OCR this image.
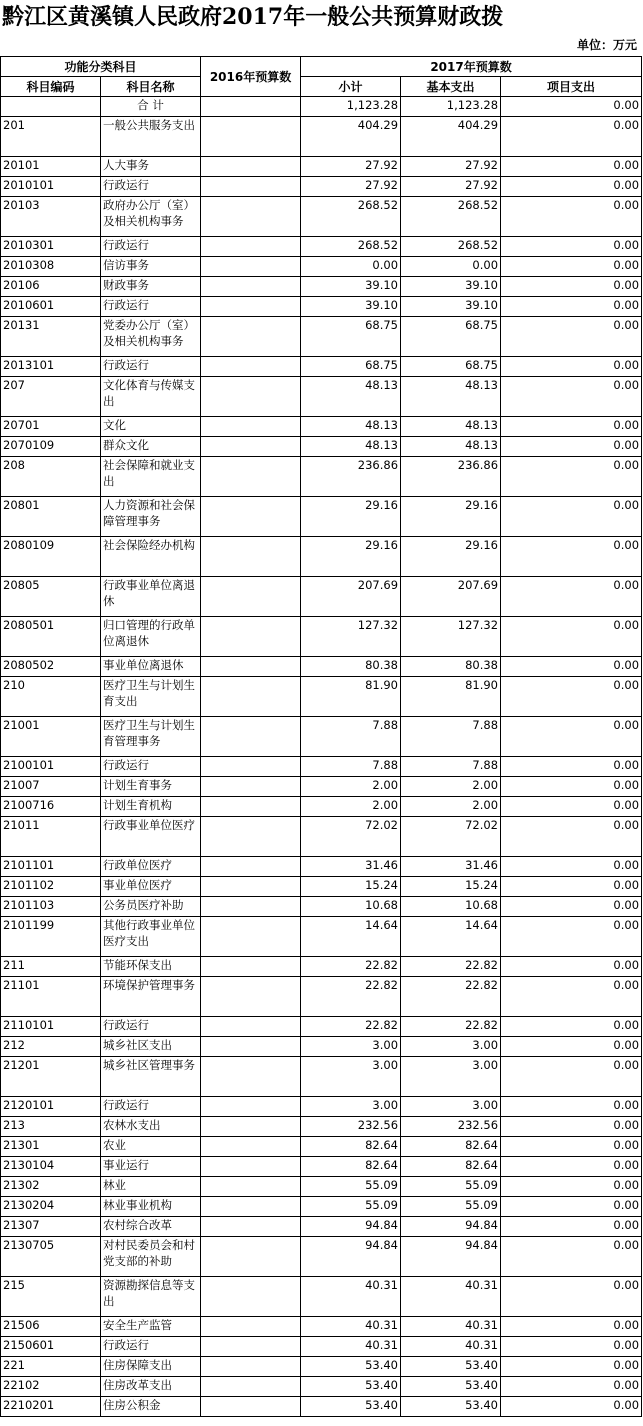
黔江区黄溪镇人民政府2017年一般公共预算财政拨
单位：万元
功能分类科目		2016年预算数	2017年预算数		
科目编码	科目名称		小计	基本支出	项目支出
	合 计		1,123.28	1,123.28	0.00
201	一般公共服务支出		404.29	404.29	0.00
20101	人大事务		27.92	27.92	0.00
2010101	行政运行		27.92	27.92	0.00
20103	政府办公厅（室）及相关机构事务		268.52	268.52	0.00
2010301	行政运行		268.52	268.52	0.00
2010308	信访事务		0.00	0.00	0.00
20106	财政事务		39.10	39.10	0.00
2010601	行政运行		39.10	39.10	0.00
20131	党委办公厅（室）及相关机构事务		68.75	68.75	0.00
2013101	行政运行		68.75	68.75	0.00
207	文化体育与传媒支出		48.13	48.13	0.00
20701	文化		48.13	48.13	0.00
2070109	群众文化		48.13	48.13	0.00
208	社会保障和就业支出		236.86	236.86	0.00
20801	人力资源和社会保障管理事务		29.16	29.16	0.00
2080109	社会保险经办机构		29.16	29.16	0.00
20805	行政事业单位离退休		207.69	207.69	0.00
2080501	归口管理的行政单位离退休		127.32	127.32	0.00
2080502	事业单位离退休		80.38	80.38	0.00
210	医疗卫生与计划生育支出		81.90	81.90	0.00
21001	医疗卫生与计划生育管理事务		7.88	7.88	0.00
2100101	行政运行		7.88	7.88	0.00
21007	计划生育事务		2.00	2.00	0.00
2100716	计划生育机构		2.00	2.00	0.00
21011	行政事业单位医疗		72.02	72.02	0.00
2101101	行政单位医疗		31.46	31.46	0.00
2101102	事业单位医疗		15.24	15.24	0.00
2101103	公务员医疗补助		10.68	10.68	0.00
2101199	其他行政事业单位医疗支出		14.64	14.64	0.00
211	节能环保支出		22.82	22.82	0.00
21101	环境保护管理事务		22.82	22.82	0.00
2110101	行政运行		22.82	22.82	0.00
212	城乡社区支出		3.00	3.00	0.00
21201	城乡社区管理事务		3.00	3.00	0.00
2120101	行政运行		3.00	3.00	0.00
213	农林水支出		232.56	232.56	0.00
21301	农业		82.64	82.64	0.00
2130104	事业运行		82.64	82.64	0.00
21302	林业		55.09	55.09	0.00
2130204	林业事业机构		55.09	55.09	0.00
21307	农村综合改革		94.84	94.84	0.00
2130705	对村民委员会和村党支部的补助		94.84	94.84	0.00
215	资源勘探信息等支出		40.31	40.31	0.00
21506	安全生产监管		40.31	40.31	0.00
2150601	行政运行		40.31	40.31	0.00
221	住房保障支出		53.40	53.40	0.00
22102	住房改革支出		53.40	53.40	0.00
2210201	住房公积金		53.40	53.40	0.00
